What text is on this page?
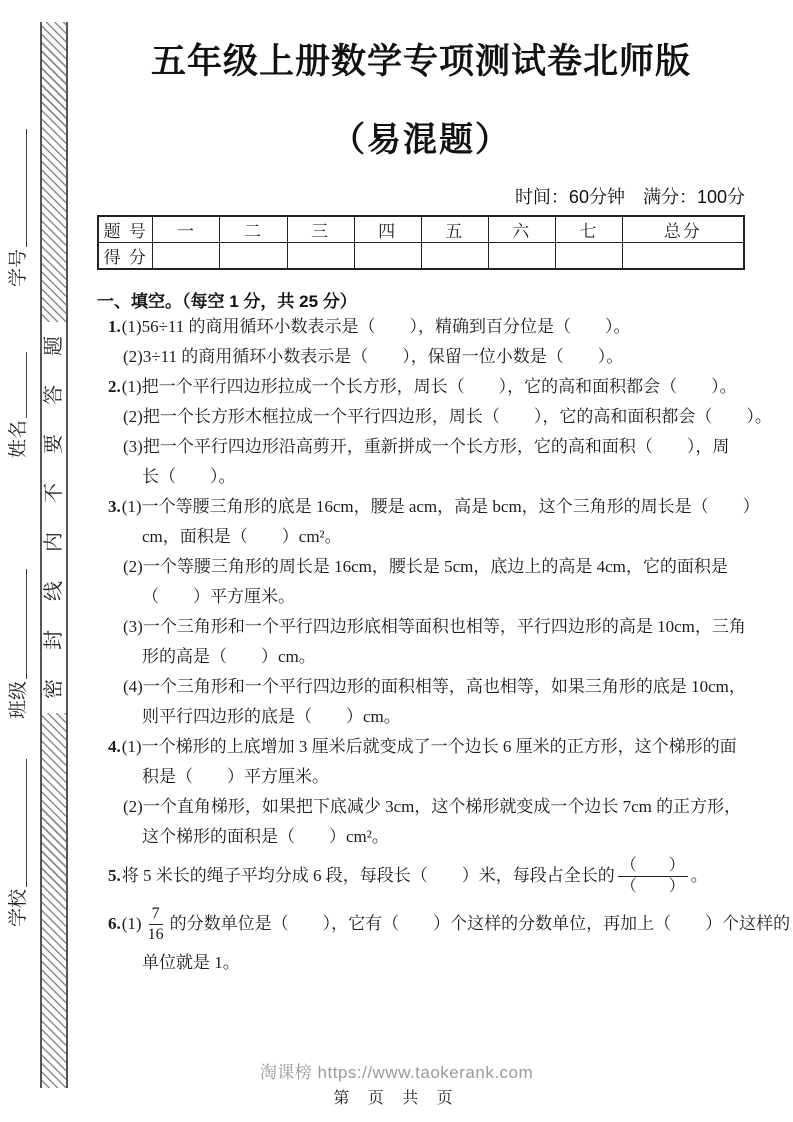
学号
姓名
班级
学校
题
答
要
不
内
线
封
密
五年级上册数学专项测试卷北师版
（易混题）
时间：60分钟　满分：100分
题 号	一	二	三	四	五	六	七	总分
得 分								
一、填空。（每空 1 分，共 25 分）
1.(1)56÷11 的商用循环小数表示是（　　），精确到百分位是（　　）。
(2)3÷11 的商用循环小数表示是（　　），保留一位小数是（　　）。
2.(1)把一个平行四边形拉成一个长方形，周长（　　），它的高和面积都会（　　）。
(2)把一个长方形木框拉成一个平行四边形，周长（　　），它的高和面积都会（　　）。
(3)把一个平行四边形沿高剪开，重新拼成一个长方形，它的高和面积（　　），周
长（　　）。
3.(1)一个等腰三角形的底是 16cm，腰是 acm，高是 bcm，这个三角形的周长是（　　）
cm，面积是（　　）cm²。
(2)一个等腰三角形的周长是 16cm，腰长是 5cm，底边上的高是 4cm，它的面积是
（　　）平方厘米。
(3)一个三角形和一个平行四边形底相等面积也相等，平行四边形的高是 10cm，三角
形的高是（　　）cm。
(4)一个三角形和一个平行四边形的面积相等，高也相等，如果三角形的底是 10cm，
则平行四边形的底是（　　）cm。
4.(1)一个梯形的上底增加 3 厘米后就变成了一个边长 6 厘米的正方形，这个梯形的面
积是（　　）平方厘米。
(2)一个直角梯形，如果把下底减少 3cm，这个梯形就变成一个边长 7cm 的正方形，
这个梯形的面积是（　　）cm²。
5. 将 5 米长的绳子平均分成 6 段，每段长（　　）米，每段占全长的 $\frac{( )}{( )}$ 。
6. $(1) \frac{7}{16}$ 的分数单位是（　　），它有（　　）个这样的分数单位，再加上（　　）个这样的
单位就是 1。
淘课榜 https://www.taokerank.com
第 页 共 页
